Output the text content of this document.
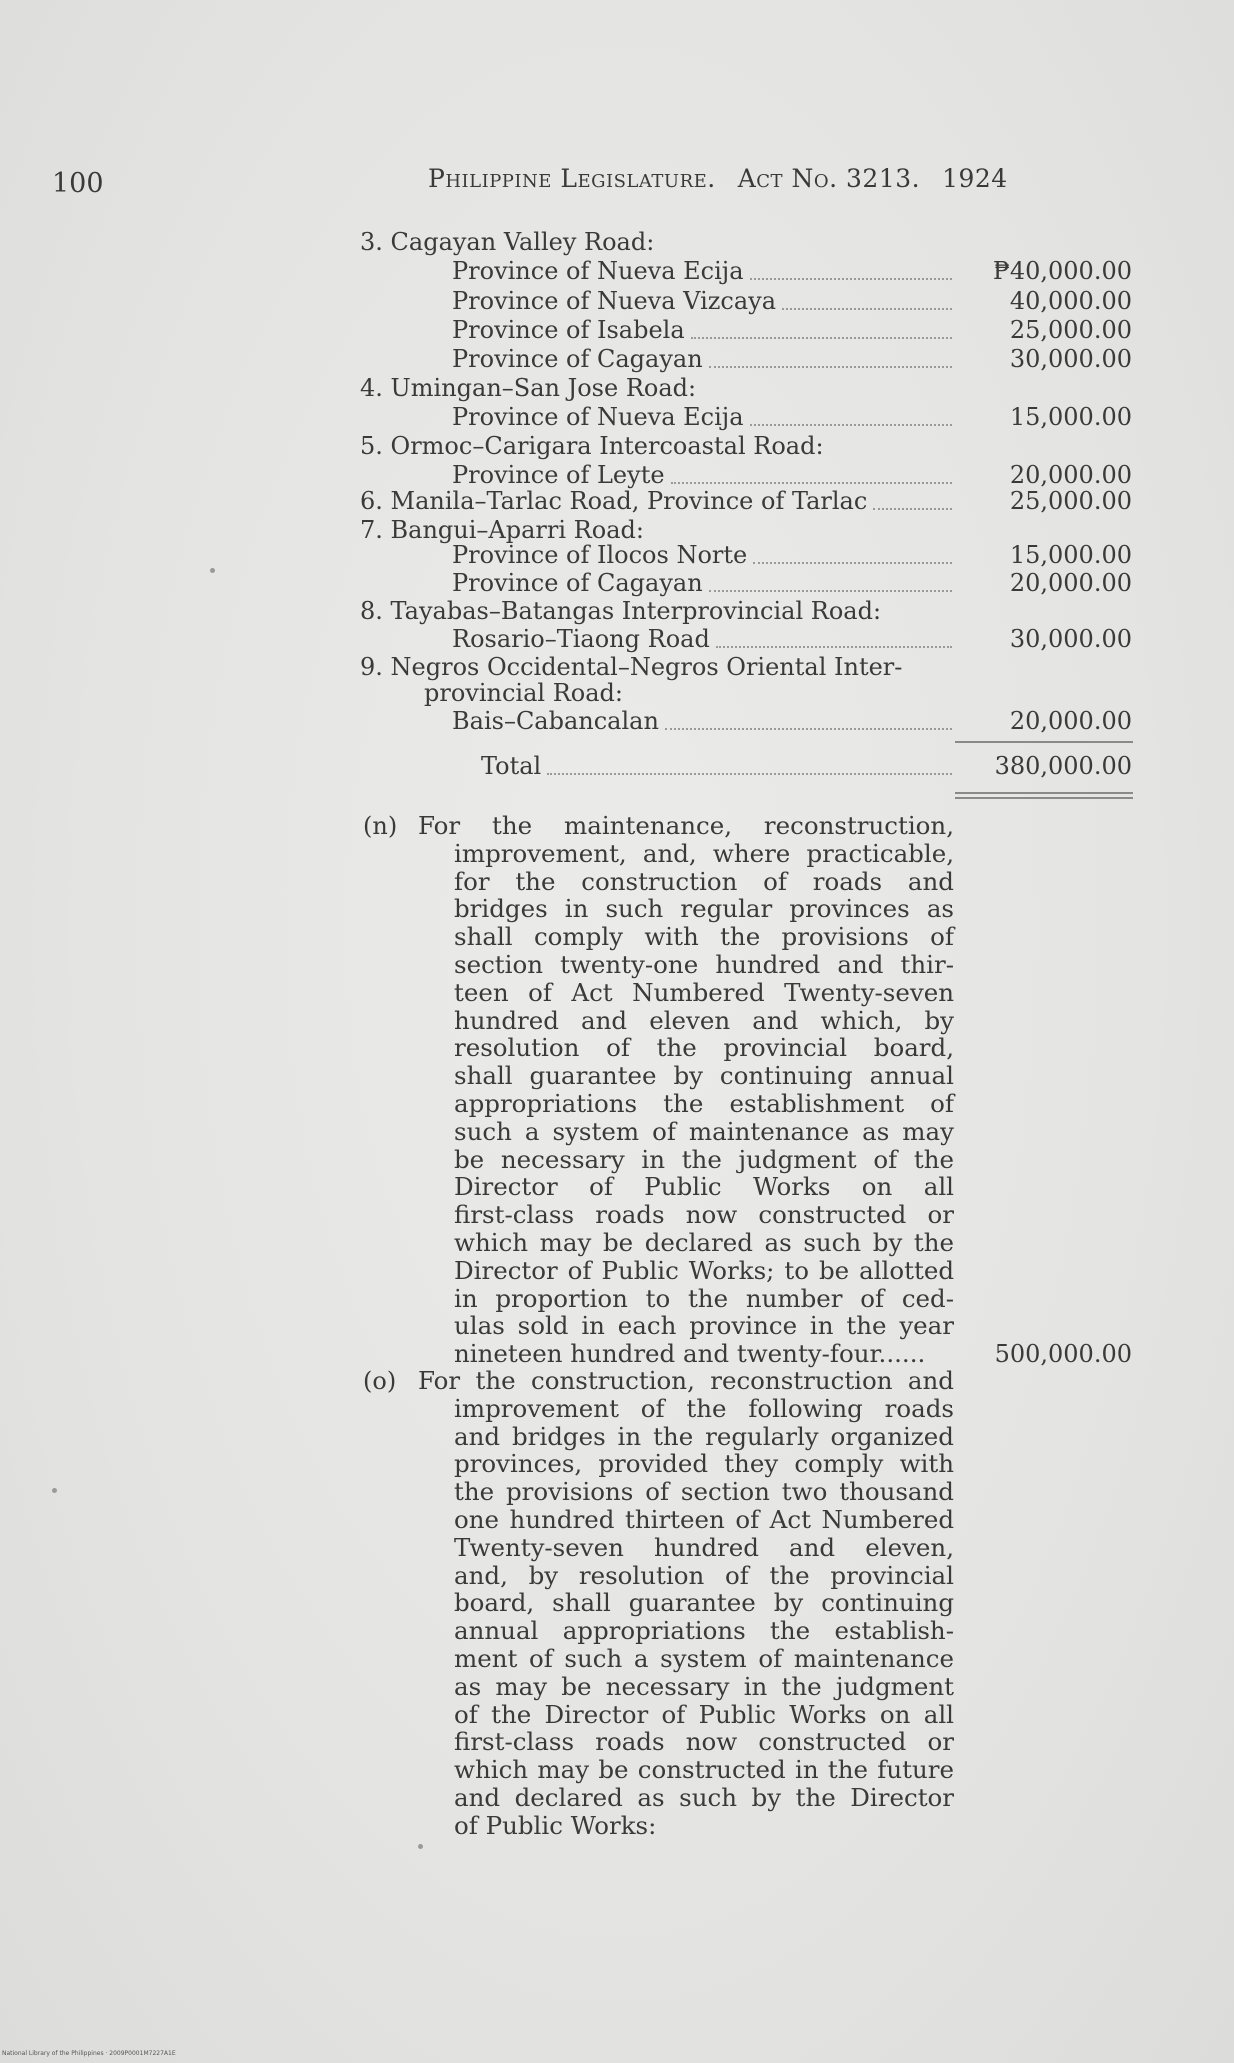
100	Philippine Legislature. Act No. 3213. 1924
3. Cagayan Valley Road:
Province of Nueva Ecija	₱40,000.00
Province of Nueva Vizcaya	40,000.00
Province of Isabela	25,000.00
Province of Cagayan	30,000.00
4. Umingan–San Jose Road:
Province of Nueva Ecija	15,000.00
5. Ormoc–Carigara Intercoastal Road:
Province of Leyte	20,000.00
6. Manila–Tarlac Road, Province of Tarlac	25,000.00
7. Bangui–Aparri Road:
Province of Ilocos Norte	15,000.00
Province of Cagayan	20,000.00
8. Tayabas–Batangas Interprovincial Road:
Rosario–Tiaong Road	30,000.00
9. Negros Occidental–Negros Oriental Inter-
provincial Road:
Bais–Cabancalan	20,000.00
Total	380,000.00
(n) For the maintenance, reconstruction,
improvement, and, where practicable,
for the construction of roads and
bridges in such regular provinces as
shall comply with the provisions of
section twenty-one hundred and thir-
teen of Act Numbered Twenty-seven
hundred and eleven and which, by
resolution of the provincial board,
shall guarantee by continuing annual
appropriations the establishment of
such a system of maintenance as may
be necessary in the judgment of the
Director of Public Works on all
first-class roads now constructed or
which may be declared as such by the
Director of Public Works; to be allotted
in proportion to the number of ced-
ulas sold in each province in the year
nineteen hundred and twenty-four......	500,000.00
(o) For the construction, reconstruction and
improvement of the following roads
and bridges in the regularly organized
provinces, provided they comply with
the provisions of section two thousand
one hundred thirteen of Act Numbered
Twenty-seven hundred and eleven,
and, by resolution of the provincial
board, shall guarantee by continuing
annual appropriations the establish-
ment of such a system of maintenance
as may be necessary in the judgment
of the Director of Public Works on all
first-class roads now constructed or
which may be constructed in the future
and declared as such by the Director
of Public Works:
National Library of the Philippines · 2009P0001M7227A1E
